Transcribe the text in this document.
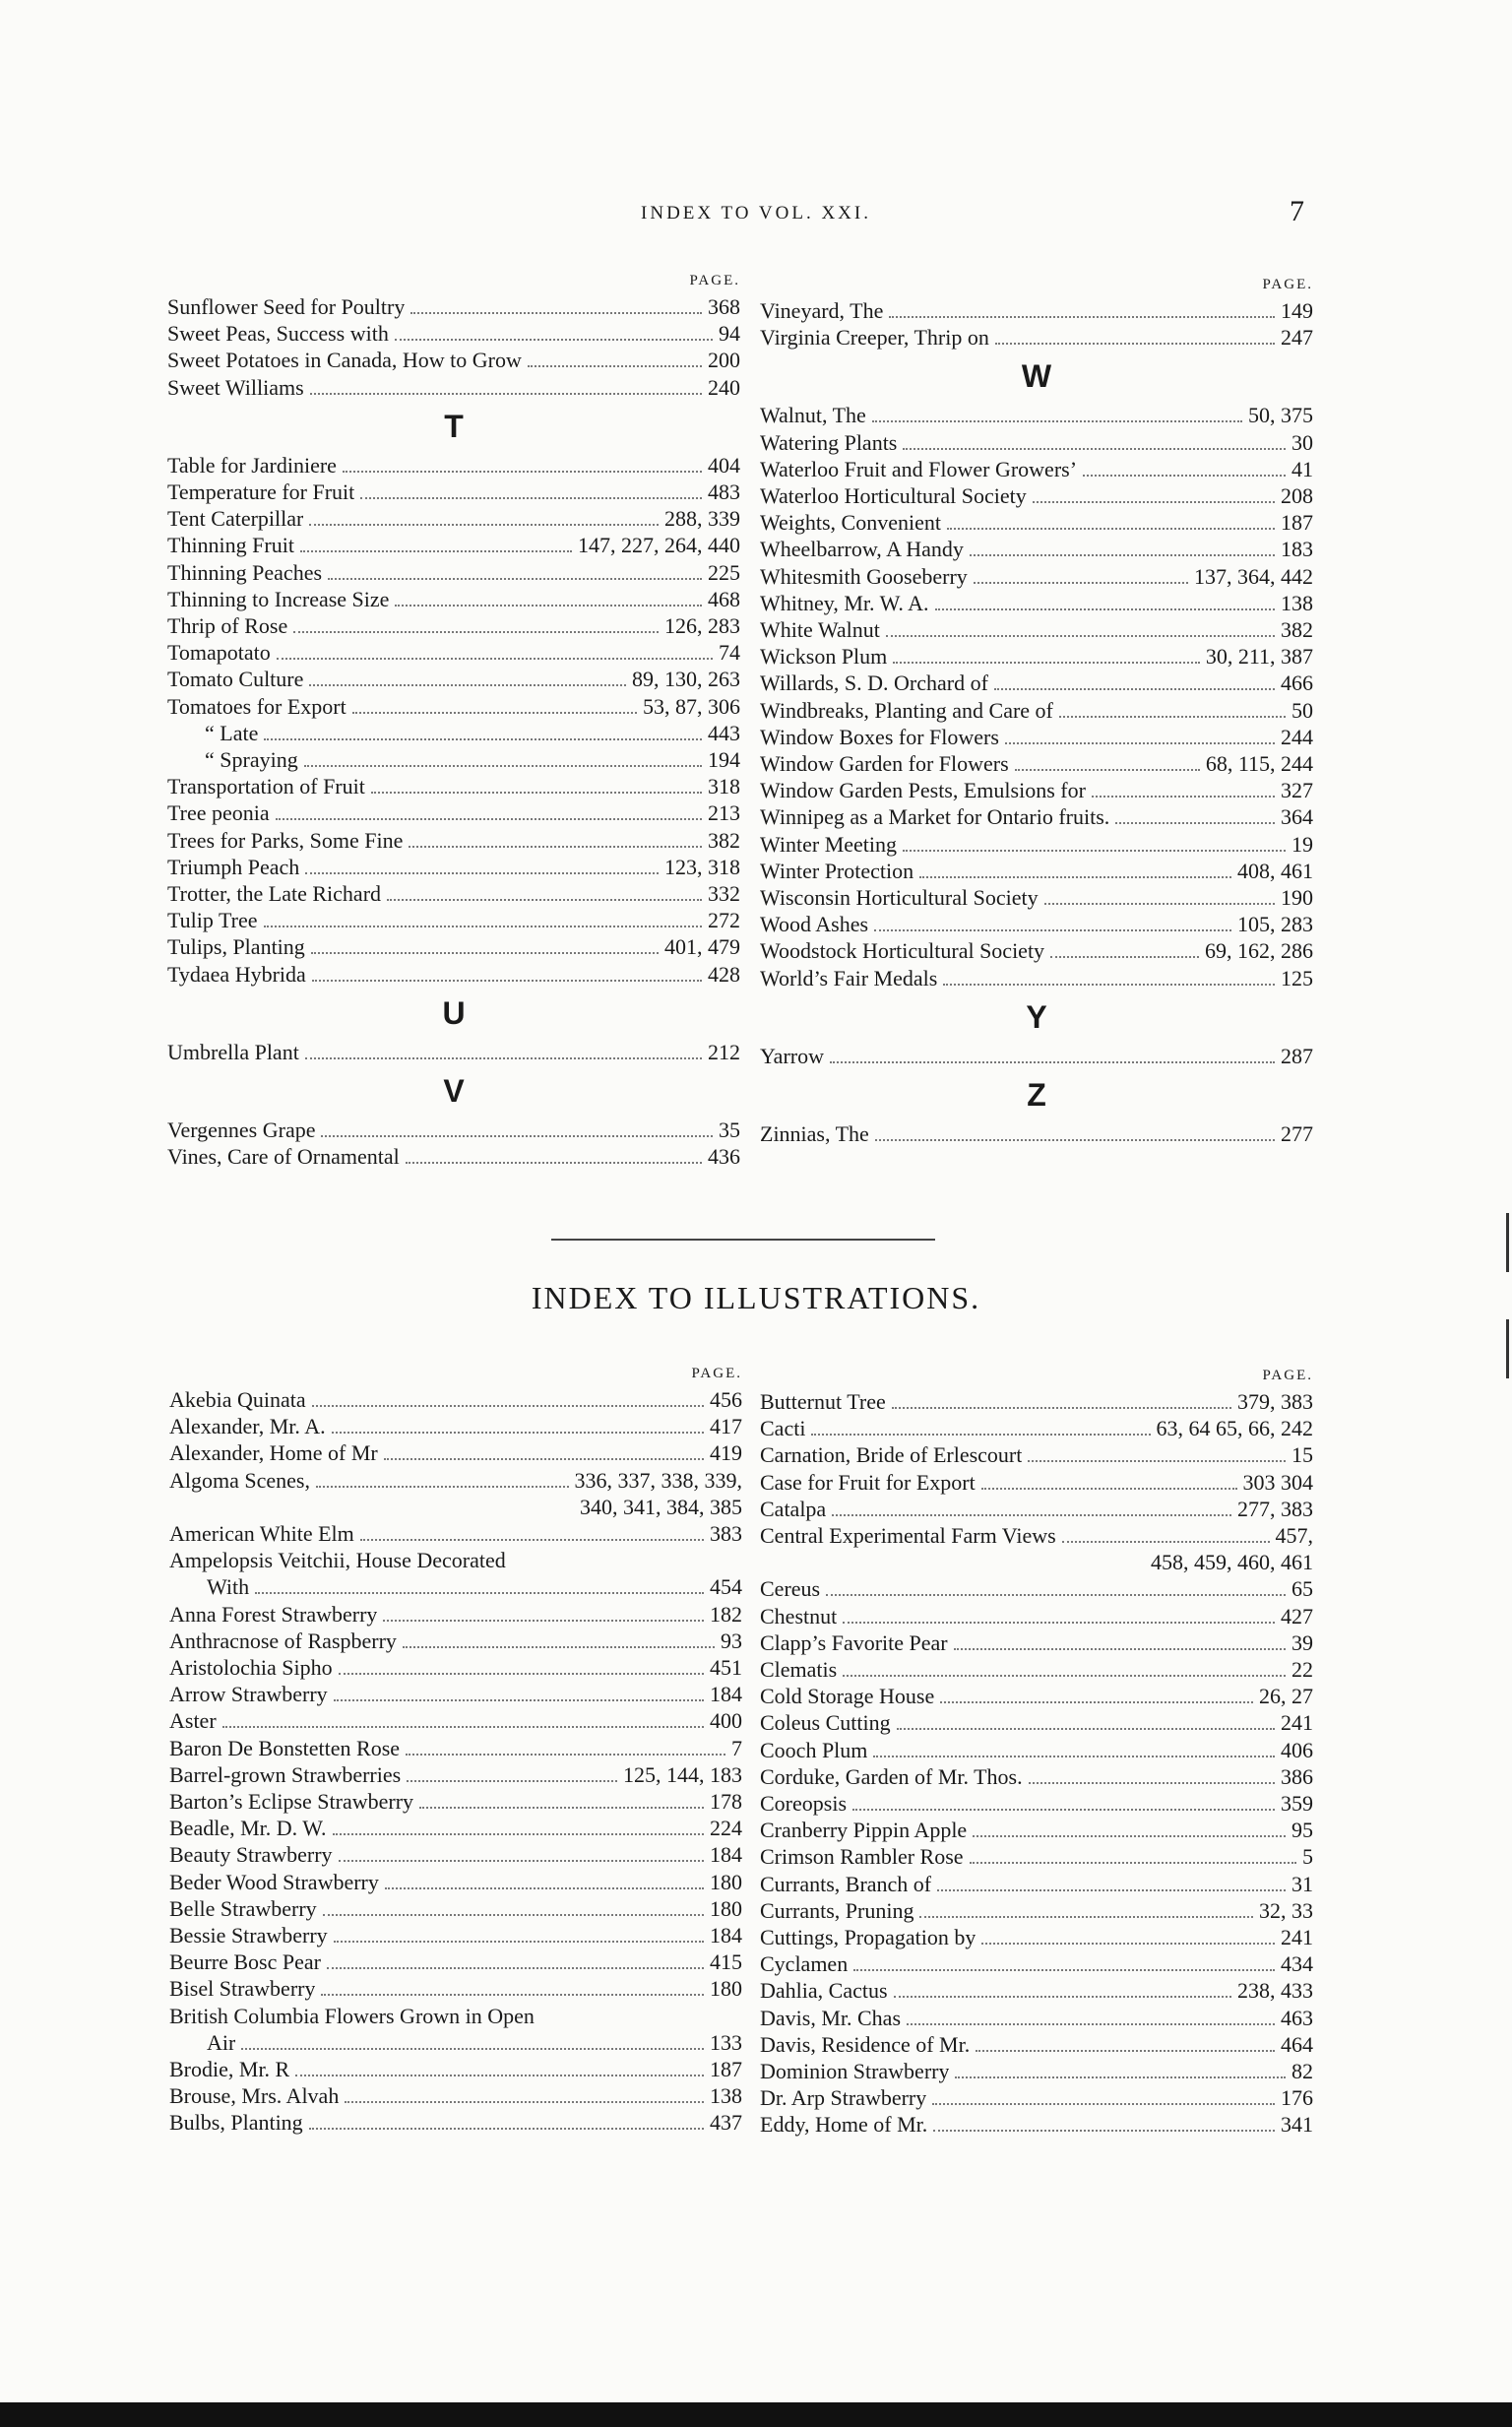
INDEX TO VOL. XXI.	7
PAGE.
Sunflower Seed for Poultry	368
Sweet Peas, Success with	94
Sweet Potatoes in Canada, How to Grow	200
Sweet Williams	240
T
Table for Jardiniere	404
Temperature for Fruit	483
Tent Caterpillar	288, 339
Thinning Fruit	147, 227, 264, 440
Thinning Peaches	225
Thinning to Increase Size	468
Thrip of Rose	126, 283
Tomapotato	74
Tomato Culture	89, 130, 263
Tomatoes for Export	53, 87, 306
“ Late	443
“ Spraying	194
Transportation of Fruit	318
Tree peonia	213
Trees for Parks, Some Fine	382
Triumph Peach	123, 318
Trotter, the Late Richard	332
Tulip Tree	272
Tulips, Planting	401, 479
Tydaea Hybrida	428
U
Umbrella Plant	212
V
Vergennes Grape	35
Vines, Care of Ornamental	436
PAGE.
Vineyard, The	149
Virginia Creeper, Thrip on	247
W
Walnut, The	50, 375
Watering Plants	30
Waterloo Fruit and Flower Growers’	41
Waterloo Horticultural Society	208
Weights, Convenient	187
Wheelbarrow, A Handy	183
Whitesmith Gooseberry	137, 364, 442
Whitney, Mr. W. A.	138
White Walnut	382
Wickson Plum	30, 211, 387
Willards, S. D. Orchard of	466
Windbreaks, Planting and Care of	50
Window Boxes for Flowers	244
Window Garden for Flowers	68, 115, 244
Window Garden Pests, Emulsions for	327
Winnipeg as a Market for Ontario fruits.	364
Winter Meeting	19
Winter Protection	408, 461
Wisconsin Horticultural Society	190
Wood Ashes	105, 283
Woodstock Horticultural Society	69, 162, 286
World’s Fair Medals	125
Y
Yarrow	287
Z
Zinnias, The	277
INDEX TO ILLUSTRATIONS.
PAGE.
Akebia Quinata	456
Alexander, Mr. A.	417
Alexander, Home of Mr	419
Algoma Scenes,	336, 337, 338, 339,
340, 341, 384, 385
American White Elm	383
Ampelopsis Veitchii, House Decorated
With	454
Anna Forest Strawberry	182
Anthracnose of Raspberry	93
Aristolochia Sipho	451
Arrow Strawberry	184
Aster	400
Baron De Bonstetten Rose	7
Barrel-grown Strawberries	125, 144, 183
Barton’s Eclipse Strawberry	178
Beadle, Mr. D. W.	224
Beauty Strawberry	184
Beder Wood Strawberry	180
Belle Strawberry	180
Bessie Strawberry	184
Beurre Bosc Pear	415
Bisel Strawberry	180
British Columbia Flowers Grown in Open
Air	133
Brodie, Mr. R	187
Brouse, Mrs. Alvah	138
Bulbs, Planting	437
PAGE.
Butternut Tree	379, 383
Cacti	63, 64 65, 66, 242
Carnation, Bride of Erlescourt	15
Case for Fruit for Export	303 304
Catalpa	277, 383
Central Experimental Farm Views	457,
458, 459, 460, 461
Cereus	65
Chestnut	427
Clapp’s Favorite Pear	39
Clematis	22
Cold Storage House	26, 27
Coleus Cutting	241
Cooch Plum	406
Corduke, Garden of Mr. Thos.	386
Coreopsis	359
Cranberry Pippin Apple	95
Crimson Rambler Rose	5
Currants, Branch of	31
Currants, Pruning	32, 33
Cuttings, Propagation by	241
Cyclamen	434
Dahlia, Cactus	238, 433
Davis, Mr. Chas	463
Davis, Residence of Mr.	464
Dominion Strawberry	82
Dr. Arp Strawberry	176
Eddy, Home of Mr.	341
